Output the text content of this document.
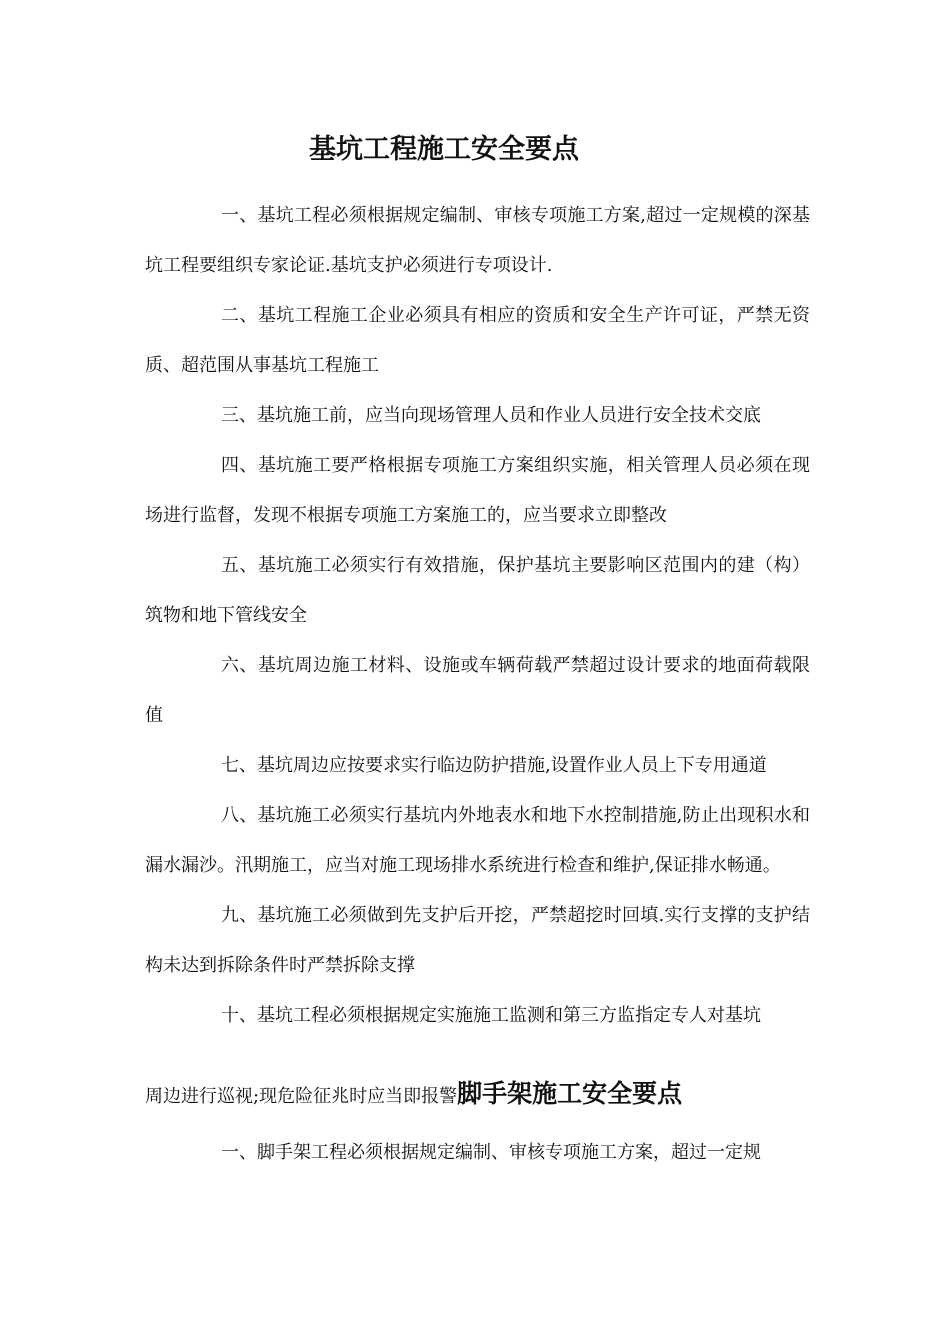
基坑工程施工安全要点

一、基坑工程必须根据规定编制、审核专项施工方案,超过一定规模的深基坑工程要组织专家论证.基坑支护必须进行专项设计.

二、基坑工程施工企业必须具有相应的资质和安全生产许可证，严禁无资质、超范围从事基坑工程施工

三、基坑施工前，应当向现场管理人员和作业人员进行安全技术交底

四、基坑施工要严格根据专项施工方案组织实施，相关管理人员必须在现场进行监督，发现不根据专项施工方案施工的，应当要求立即整改

五、基坑施工必须实行有效措施，保护基坑主要影响区范围内的建（构）筑物和地下管线安全

六、基坑周边施工材料、设施或车辆荷载严禁超过设计要求的地面荷载限值

七、基坑周边应按要求实行临边防护措施,设置作业人员上下专用通道

八、基坑施工必须实行基坑内外地表水和地下水控制措施,防止出现积水和漏水漏沙。汛期施工，应当对施工现场排水系统进行检查和维护,保证排水畅通。

九、基坑施工必须做到先支护后开挖，严禁超挖时回填.实行支撑的支护结构未达到拆除条件时严禁拆除支撑

十、基坑工程必须根据规定实施施工监测和第三方监指定专人对基坑

周边进行巡视;现危险征兆时应当即报警脚手架施工安全要点

一、脚手架工程必须根据规定编制、审核专项施工方案，超过一定规
